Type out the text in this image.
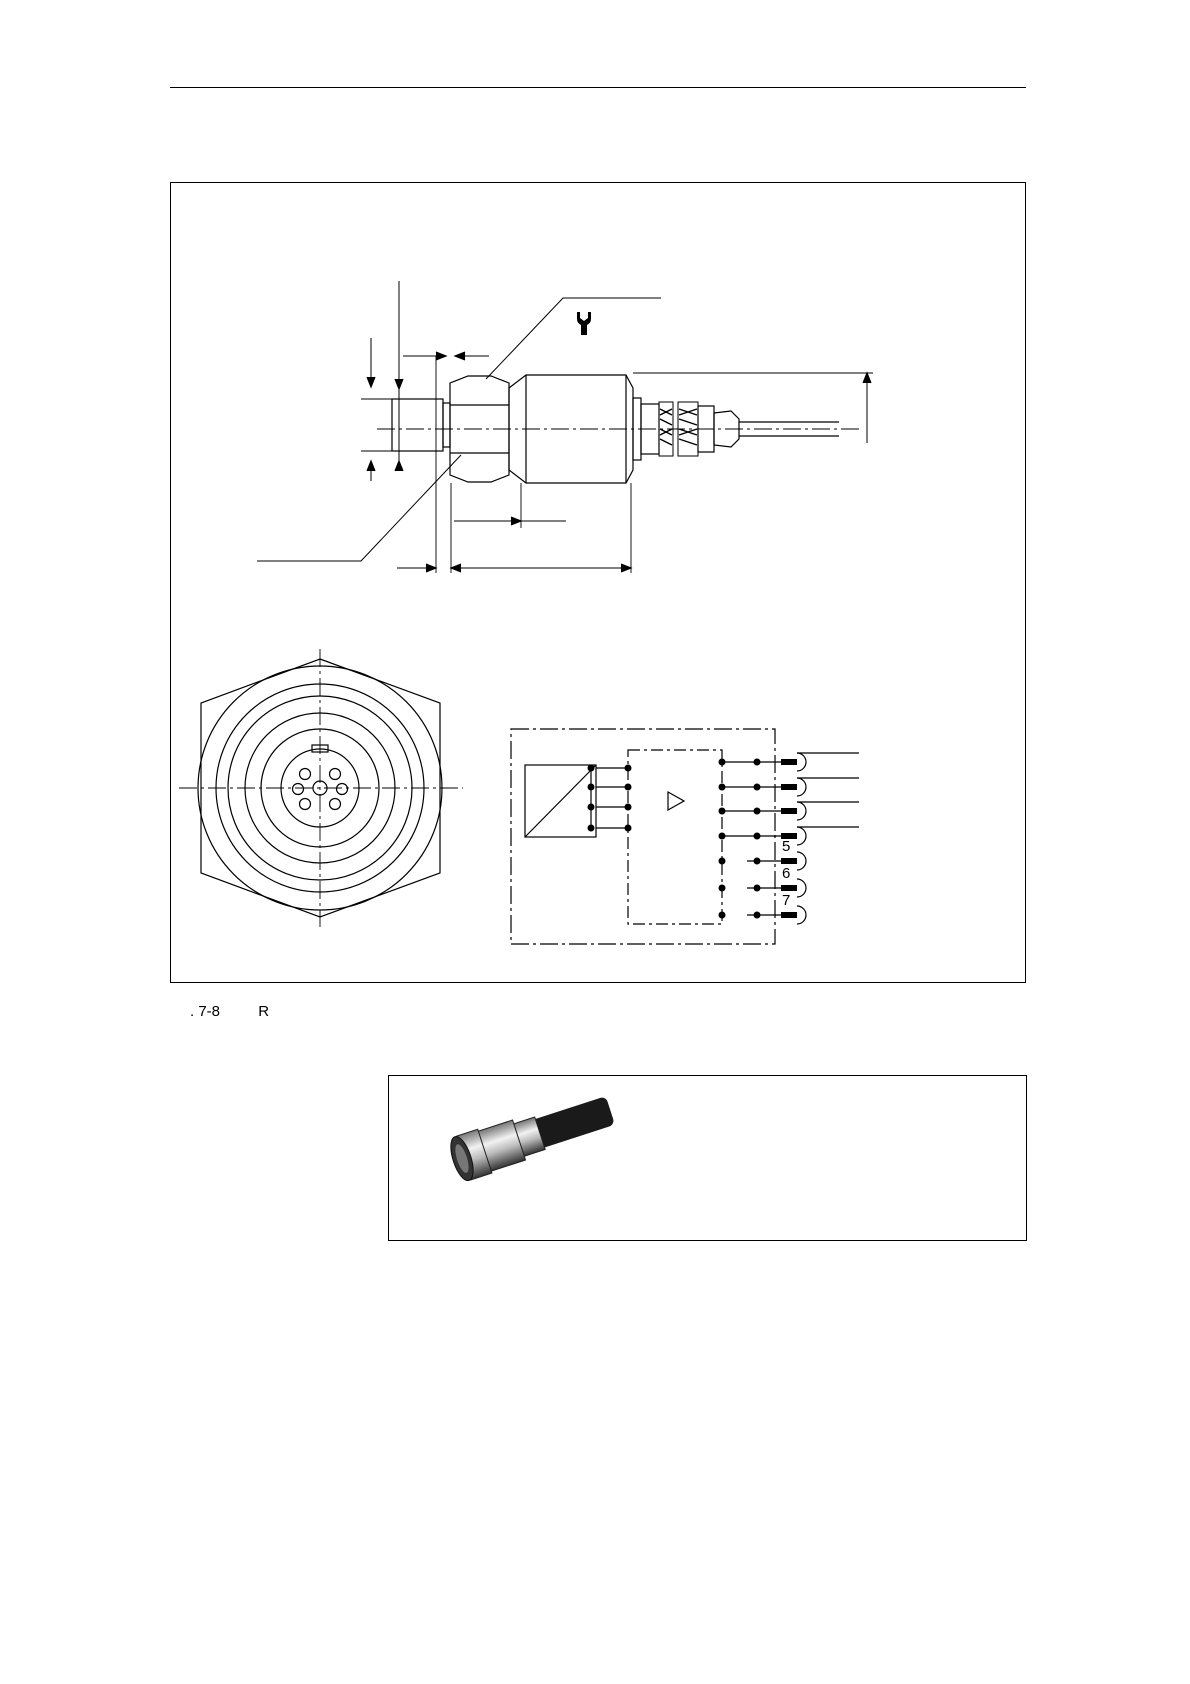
5
6
7
. 7-8	R
